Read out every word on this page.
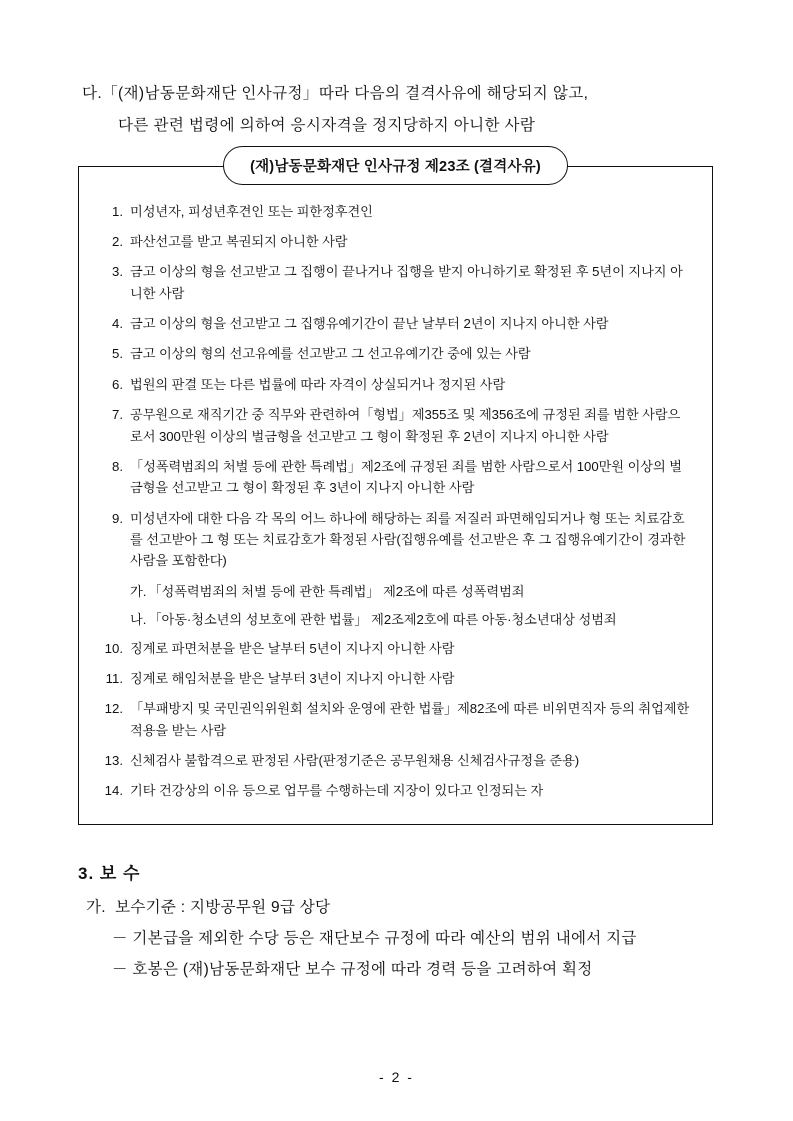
다.「(재)남동문화재단 인사규정」따라 다음의 결격사유에 해당되지 않고,
다른 관련 법령에 의하여 응시자격을 정지당하지 아니한 사람
(재)남동문화재단 인사규정 제23조 (결격사유)
1. 미성년자, 피성년후견인 또는 피한정후견인
2. 파산선고를 받고 복권되지 아니한 사람
3. 금고 이상의 형을 선고받고 그 집행이 끝나거나 집행을 받지 아니하기로 확정된 후 5년이 지나지 아니한 사람
4. 금고 이상의 형을 선고받고 그 집행유예기간이 끝난 날부터 2년이 지나지 아니한 사람
5. 금고 이상의 형의 선고유예를 선고받고 그 선고유예기간 중에 있는 사람
6. 법원의 판결 또는 다른 법률에 따라 자격이 상실되거나 정지된 사람
7. 공무원으로 재직기간 중 직무와 관련하여「형법」제355조 및 제356조에 규정된 죄를 범한 사람으로서 300만원 이상의 벌금형을 선고받고 그 형이 확정된 후 2년이 지나지 아니한 사람
8. 「성폭력범죄의 처벌 등에 관한 특례법」제2조에 규정된 죄를 범한 사람으로서 100만원 이상의 벌금형을 선고받고 그 형이 확정된 후 3년이 지나지 아니한 사람
9. 미성년자에 대한 다음 각 목의 어느 하나에 해당하는 죄를 저질러 파면해임되거나 형 또는 치료감호를 선고받아 그 형 또는 치료감호가 확정된 사람(집행유예를 선고받은 후 그 집행유예기간이 경과한 사람을 포함한다)
가. 「성폭력범죄의 처벌 등에 관한 특례법」 제2조에 따른 성폭력범죄
나. 「아동·청소년의 성보호에 관한 법률」 제2조제2호에 따른 아동·청소년대상 성범죄
10. 징계로 파면처분을 받은 날부터 5년이 지나지 아니한 사람
11. 징계로 해임처분을 받은 날부터 3년이 지나지 아니한 사람
12. 「부패방지 및 국민권익위원회 설치와 운영에 관한 법률」제82조에 따른 비위면직자 등의 취업제한 적용을 받는 사람
13. 신체검사 불합격으로 판정된 사람(판정기준은 공무원채용 신체검사규정을 준용)
14. 기타 건강상의 이유 등으로 업무를 수행하는데 지장이 있다고 인정되는 자
3. 보 수
가.  보수기준 : 지방공무원 9급 상당
－ 기본급을 제외한 수당 등은 재단보수 규정에 따라 예산의 범위 내에서 지급
－ 호봉은 (재)남동문화재단 보수 규정에 따라 경력 등을 고려하여 획정
- 2 -
